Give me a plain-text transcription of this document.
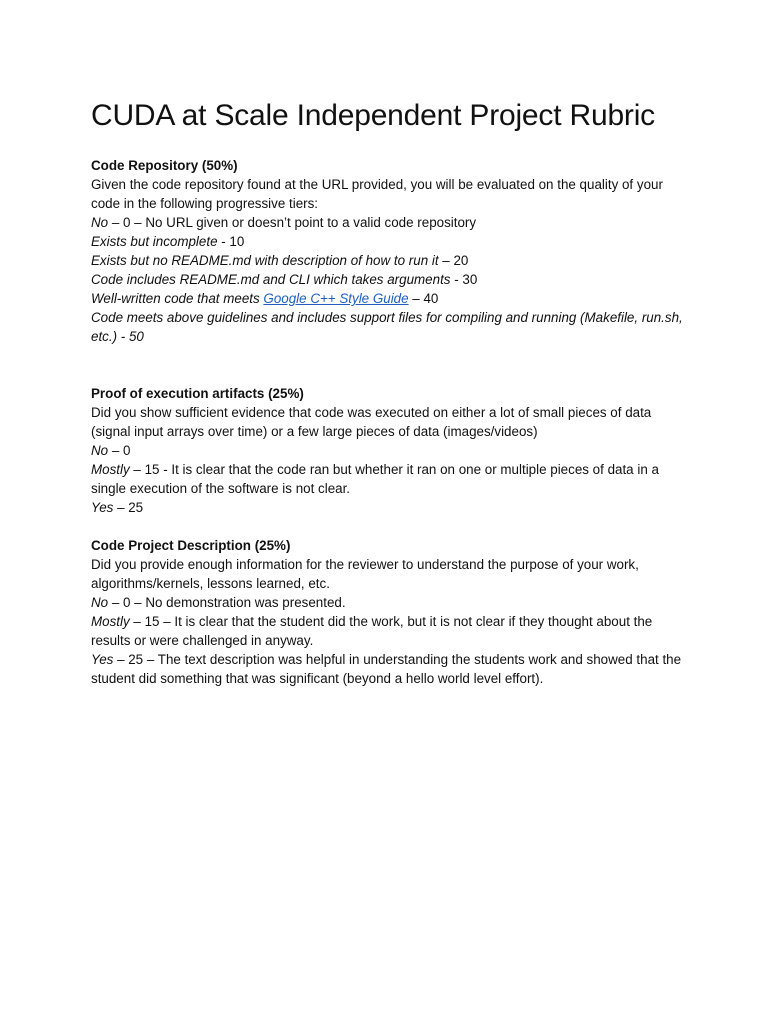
CUDA at Scale Independent Project Rubric

Code Repository (50%)

Given the code repository found at the URL provided, you will be evaluated on the quality of your code in the following progressive tiers:

No – 0 – No URL given or doesn’t point to a valid code repository

Exists but incomplete - 10

Exists but no README.md with description of how to run it – 20

Code includes README.md and CLI which takes arguments - 30

Well-written code that meets Google C++ Style Guide – 40

Code meets above guidelines and includes support files for compiling and running (Makefile, run.sh, etc.) - 50

Proof of execution artifacts (25%)

Did you show sufficient evidence that code was executed on either a lot of small pieces of data (signal input arrays over time) or a few large pieces of data (images/videos)

No – 0

Mostly – 15 - It is clear that the code ran but whether it ran on one or multiple pieces of data in a single execution of the software is not clear.

Yes – 25

Code Project Description (25%)

Did you provide enough information for the reviewer to understand the purpose of your work, algorithms/kernels, lessons learned, etc.

No – 0 – No demonstration was presented.

Mostly – 15 – It is clear that the student did the work, but it is not clear if they thought about the results or were challenged in anyway.

Yes – 25 – The text description was helpful in understanding the students work and showed that the student did something that was significant (beyond a hello world level effort).
